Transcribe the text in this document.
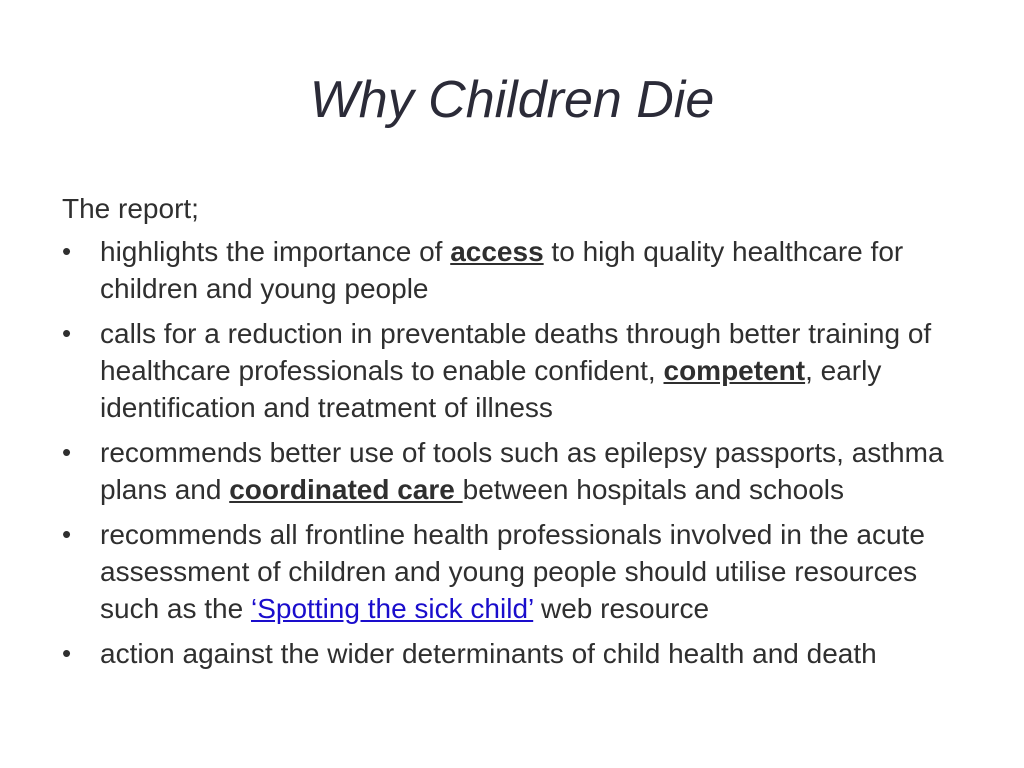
Why Children Die

The report;

• highlights the importance of access to high quality healthcare for children and young people
• calls for a reduction in preventable deaths through better training of healthcare professionals to enable confident, competent, early identification and treatment of illness
• recommends better use of tools such as epilepsy passports, asthma plans and coordinated care between hospitals and schools
• recommends all frontline health professionals involved in the acute assessment of children and young people should utilise resources such as the ‘Spotting the sick child’ web resource
• action against the wider determinants of child health and death
